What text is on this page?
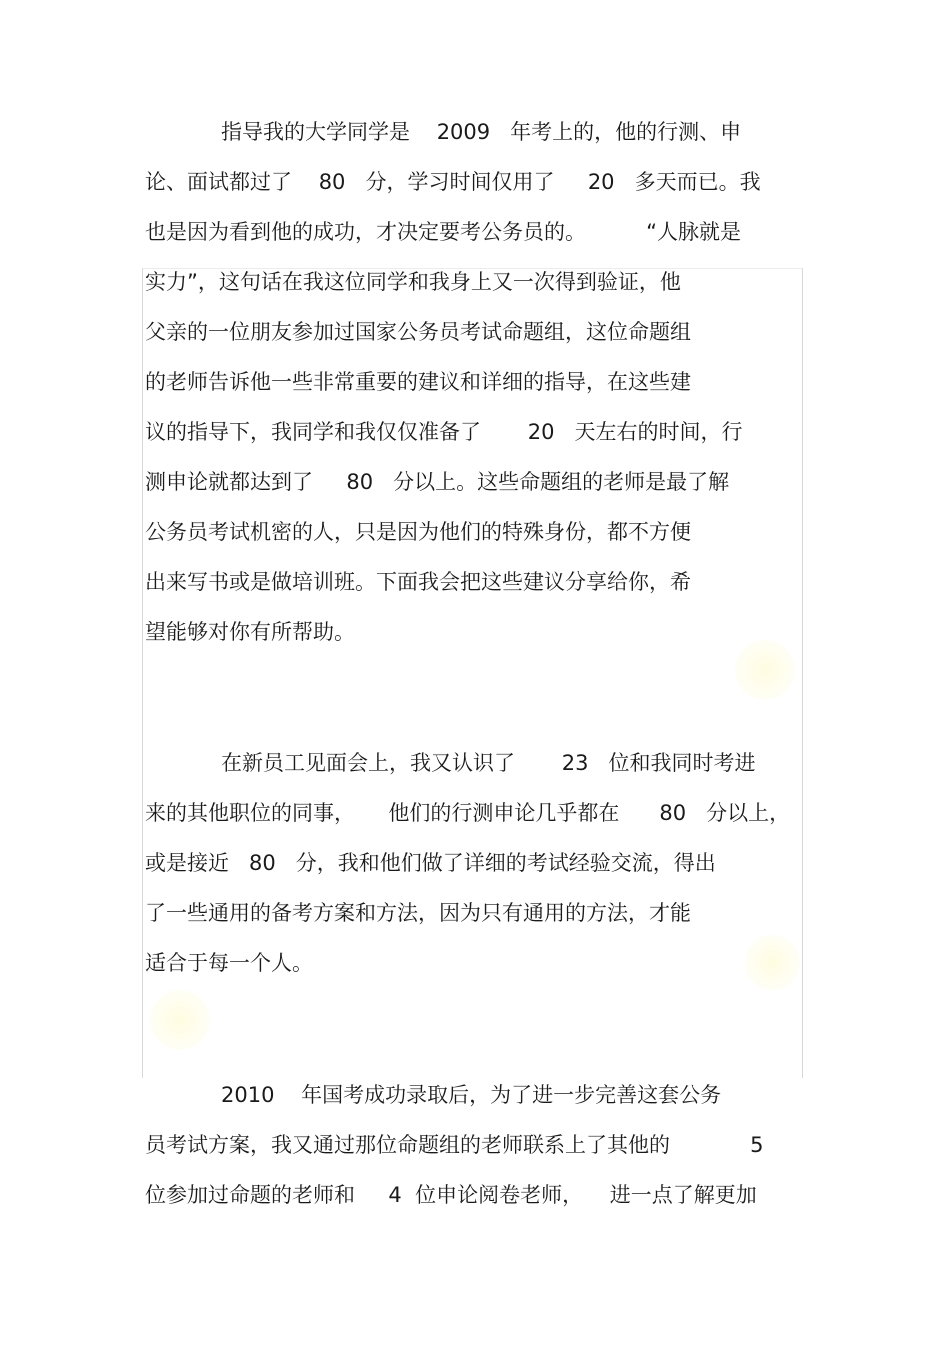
指导我的大学同学是    2009   年考上的，他的行测、申
论、面试都过了    80   分，学习时间仅用了     20   多天而已。我
也是因为看到他的成功，才决定要考公务员的。         “人脉就是
实力”，这句话在我这位同学和我身上又一次得到验证，他
父亲的一位朋友参加过国家公务员考试命题组，这位命题组
的老师告诉他一些非常重要的建议和详细的指导，在这些建
议的指导下，我同学和我仅仅准备了       20   天左右的时间，行
测申论就都达到了     80   分以上。这些命题组的老师是最了解
公务员考试机密的人，只是因为他们的特殊身份，都不方便
出来写书或是做培训班。下面我会把这些建议分享给你，希
望能够对你有所帮助。
在新员工见面会上，我又认识了       23   位和我同时考进
来的其他职位的同事，     他们的行测申论几乎都在      80   分以上，
或是接近   80   分，我和他们做了详细的考试经验交流，得出
了一些通用的备考方案和方法，因为只有通用的方法，才能
适合于每一个人。
2010    年国考成功录取后，为了进一步完善这套公务
员考试方案，我又通过那位命题组的老师联系上了其他的            5
位参加过命题的老师和     4  位申论阅卷老师，    进一点了解更加
